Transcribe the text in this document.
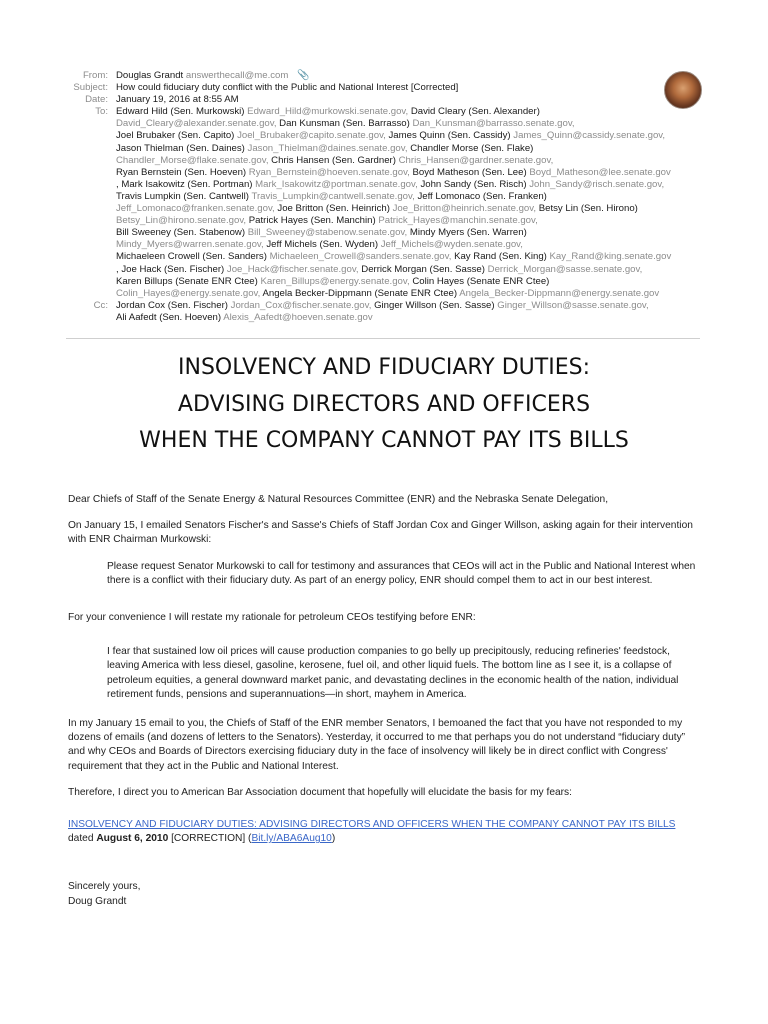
From: Douglas Grandt answerthecall@me.com 📎
Subject: How could fiduciary duty conflict with the Public and National Interest [Corrected]
Date: January 19, 2016 at 8:55 AM
To: Edward Hild (Sen. Murkowski) Edward_Hild@murkowski.senate.gov, David Cleary (Sen. Alexander)
David_Cleary@alexander.senate.gov, Dan Kunsman (Sen. Barrasso) Dan_Kunsman@barrasso.senate.gov,
Joel Brubaker (Sen. Capito) Joel_Brubaker@capito.senate.gov, James Quinn (Sen. Cassidy) James_Quinn@cassidy.senate.gov,
Jason Thielman (Sen. Daines) Jason_Thielman@daines.senate.gov, Chandler Morse (Sen. Flake)
Chandler_Morse@flake.senate.gov, Chris Hansen (Sen. Gardner) Chris_Hansen@gardner.senate.gov,
Ryan Bernstein (Sen. Hoeven) Ryan_Bernstein@hoeven.senate.gov, Boyd Matheson (Sen. Lee) Boyd_Matheson@lee.senate.gov
, Mark Isakowitz (Sen. Portman) Mark_Isakowitz@portman.senate.gov, John Sandy (Sen. Risch) John_Sandy@risch.senate.gov,
Travis Lumpkin (Sen. Cantwell) Travis_Lumpkin@cantwell.senate.gov, Jeff Lomonaco (Sen. Franken)
Jeff_Lomonaco@franken.senate.gov, Joe Britton (Sen. Heinrich) Joe_Britton@heinrich.senate.gov, Betsy Lin (Sen. Hirono)
Betsy_Lin@hirono.senate.gov, Patrick Hayes (Sen. Manchin) Patrick_Hayes@manchin.senate.gov,
Bill Sweeney (Sen. Stabenow) Bill_Sweeney@stabenow.senate.gov, Mindy Myers (Sen. Warren)
Mindy_Myers@warren.senate.gov, Jeff Michels (Sen. Wyden) Jeff_Michels@wyden.senate.gov,
Michaeleen Crowell (Sen. Sanders) Michaeleen_Crowell@sanders.senate.gov, Kay Rand (Sen. King) Kay_Rand@king.senate.gov
, Joe Hack (Sen. Fischer) Joe_Hack@fischer.senate.gov, Derrick Morgan (Sen. Sasse) Derrick_Morgan@sasse.senate.gov,
Karen Billups (Senate ENR Ctee) Karen_Billups@energy.senate.gov, Colin Hayes (Senate ENR Ctee)
Colin_Hayes@energy.senate.gov, Angela Becker-Dippmann (Senate ENR Ctee) Angela_Becker-Dippmann@energy.senate.gov
Cc: Jordan Cox (Sen. Fischer) Jordan_Cox@fischer.senate.gov, Ginger Willson (Sen. Sasse) Ginger_Willson@sasse.senate.gov,
Ali Aafedt (Sen. Hoeven) Alexis_Aafedt@hoeven.senate.gov
INSOLVENCY AND FIDUCIARY DUTIES:
ADVISING DIRECTORS AND OFFICERS
WHEN THE COMPANY CANNOT PAY ITS BILLS

Dear Chiefs of Staff of the Senate Energy & Natural Resources Committee (ENR) and the Nebraska Senate Delegation,

On January 15, I emailed Senators Fischer's and Sasse's Chiefs of Staff Jordan Cox and Ginger Willson, asking again for their intervention with ENR Chairman Murkowski:

Please request Senator Murkowski to call for testimony and assurances that CEOs will act in the Public and National Interest when there is a conflict with their fiduciary duty. As part of an energy policy, ENR should compel them to act in our best interest.

For your convenience I will restate my rationale for petroleum CEOs testifying before ENR:

I fear that sustained low oil prices will cause production companies to go belly up precipitously, reducing refineries' feedstock, leaving America with less diesel, gasoline, kerosene, fuel oil, and other liquid fuels. The bottom line as I see it, is a collapse of petroleum equities, a general downward market panic, and devastating declines in the economic health of the nation, individual retirement funds, pensions and superannuations—in short, mayhem in America.

In my January 15 email to you, the Chiefs of Staff of the ENR member Senators, I bemoaned the fact that you have not responded to my dozens of emails (and dozens of letters to the Senators). Yesterday, it occurred to me that perhaps you do not understand “fiduciary duty” and why CEOs and Boards of Directors exercising fiduciary duty in the face of insolvency will likely be in direct conflict with Congress' requirement that they act in the Public and National Interest.

Therefore, I direct you to American Bar Association document that hopefully will elucidate the basis for my fears:

INSOLVENCY AND FIDUCIARY DUTIES: ADVISING DIRECTORS AND OFFICERS WHEN THE COMPANY CANNOT PAY ITS BILLS dated August 6, 2010 [CORRECTION] (Bit.ly/ABA6Aug10)

Sincerely yours,

Doug Grandt
